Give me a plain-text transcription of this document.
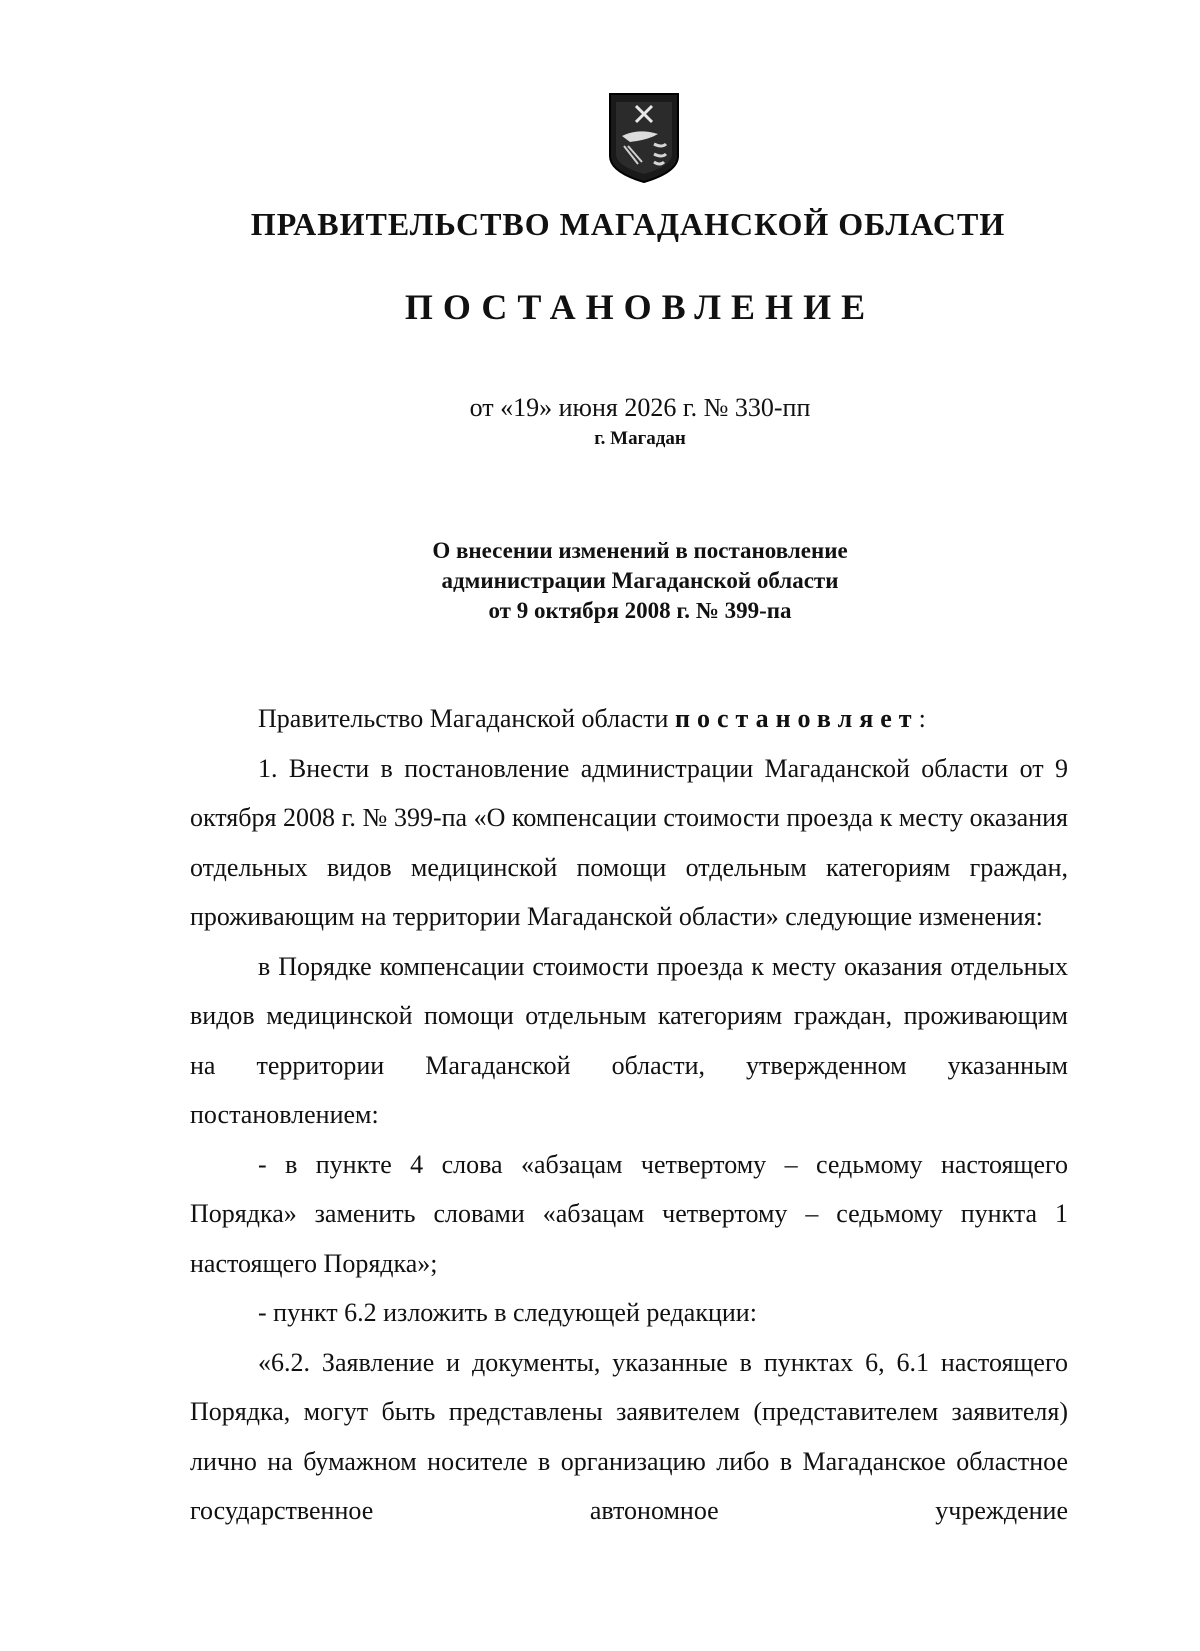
ПРАВИТЕЛЬСТВО МАГАДАНСКОЙ ОБЛАСТИ
ПОСТАНОВЛЕНИЕ
от «19» июня 2026 г. № 330-пп
г. Магадан
О внесении изменений в постановление
администрации Магаданской области
от 9 октября 2008 г. № 399-па

Правительство Магаданской области постановляет:

1. Внести в постановление администрации Магаданской области от 9 октября 2008 г. № 399-па «О компенсации стоимости проезда к месту оказания отдельных видов медицинской помощи отдельным категориям граждан, проживающим на территории Магаданской области» следующие изменения:

в Порядке компенсации стоимости проезда к месту оказания отдельных видов медицинской помощи отдельным категориям граждан, проживающим на территории Магаданской области, утвержденном указанным постановлением:

- в пункте 4 слова «абзацам четвертому – седьмому настоящего Порядка» заменить словами «абзацам четвертому – седьмому пункта 1 настоящего Порядка»;

- пункт 6.2 изложить в следующей редакции:

«6.2. Заявление и документы, указанные в пунктах 6, 6.1 настоящего Порядка, могут быть представлены заявителем (представителем заявителя) лично на бумажном носителе в организацию либо в Магаданское областное государственное автономное учреждение
